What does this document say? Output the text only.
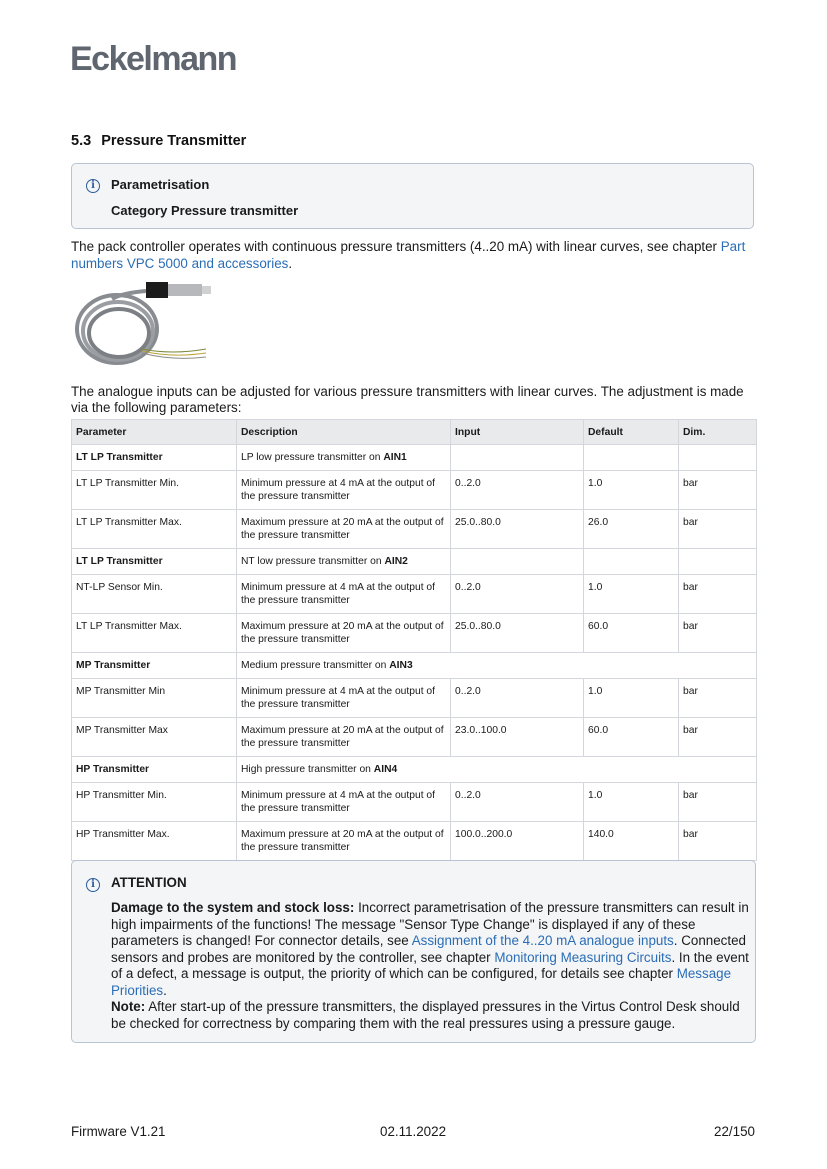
Eckelmann
5.3 Pressure Transmitter
i	Parametrisation
Category Pressure transmitter
The pack controller operates with continuous pressure transmitters (4..20 mA) with linear curves, see chapter Part numbers VPC 5000 and accessories.
The analogue inputs can be adjusted for various pressure transmitters with linear curves. The adjustment is made via the following parameters:
Parameter	Description	Input	Default	Dim.
LT LP Transmitter	LP low pressure transmitter on AIN1			
LT LP Transmitter Min.	Minimum pressure at 4 mA at the output of the pressure transmitter	0..2.0	1.0	bar
LT LP Transmitter Max.	Maximum pressure at 20 mA at the output of the pressure transmitter	25.0..80.0	26.0	bar
LT LP Transmitter	NT low pressure transmitter on AIN2			
NT-LP Sensor Min.	Minimum pressure at 4 mA at the output of the pressure transmitter	0..2.0	1.0	bar
LT LP Transmitter Max.	Maximum pressure at 20 mA at the output of the pressure transmitter	25.0..80.0	60.0	bar
MP Transmitter	Medium pressure transmitter on AIN3			
MP Transmitter Min	Minimum pressure at 4 mA at the output of the pressure transmitter	0..2.0	1.0	bar
MP Transmitter Max	Maximum pressure at 20 mA at the output of the pressure transmitter	23.0..100.0	60.0	bar
HP Transmitter	High pressure transmitter on AIN4			
HP Transmitter Min.	Minimum pressure at 4 mA at the output of the pressure transmitter	0..2.0	1.0	bar
HP Transmitter Max.	Maximum pressure at 20 mA at the output of the pressure transmitter	100.0..200.0	140.0	bar
i	ATTENTION
Damage to the system and stock loss: Incorrect parametrisation of the pressure transmitters can result in high impairments of the functions! The message "Sensor Type Change" is displayed if any of these parameters is changed! For connector details, see Assignment of the 4..20 mA analogue inputs. Connected sensors and probes are monitored by the controller, see chapter Monitoring Measuring Circuits. In the event of a defect, a message is output, the priority of which can be configured, for details see chapter Message Priorities.
Note: After start-up of the pressure transmitters, the displayed pressures in the Virtus Control Desk should be checked for correctness by comparing them with the real pressures using a pressure gauge.
Firmware V1.21	02.11.2022	22/150
